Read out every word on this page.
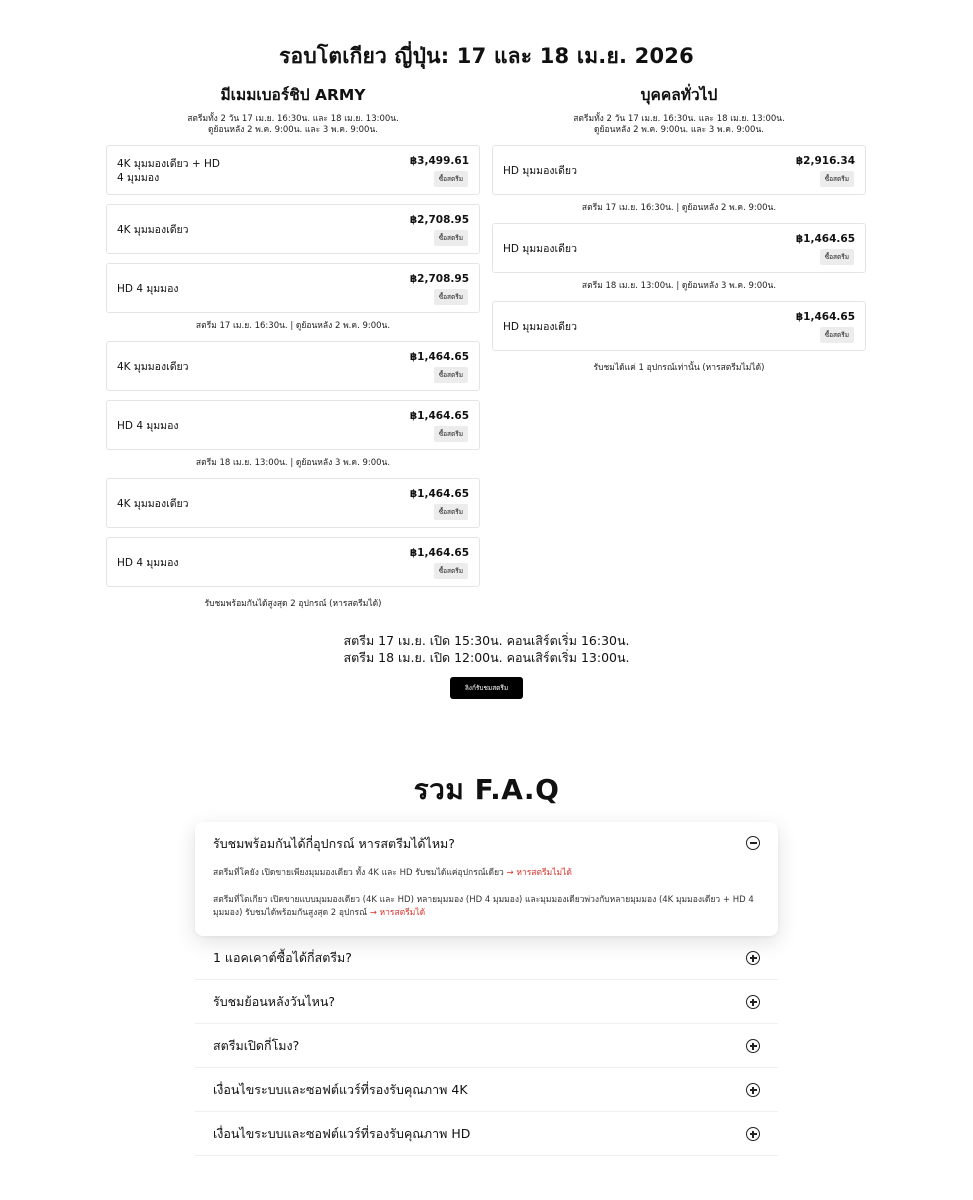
รอบโตเกียว ญี่ปุ่น: 17 และ 18 เม.ย. 2026
มีเมมเบอร์ชิป ARMY
สตรีมทั้ง 2 วัน 17 เม.ย. 16:30น. และ 18 เม.ย. 13:00น.
ดูย้อนหลัง 2 พ.ค. 9:00น. และ 3 พ.ค. 9:00น.
4K มุมมองเดียว + HD
4 มุมมอง
฿3,499.61
ซื้อสตรีม
4K มุมมองเดียว
฿2,708.95
ซื้อสตรีม
HD 4 มุมมอง
฿2,708.95
ซื้อสตรีม
สตรีม 17 เม.ย. 16:30น. | ดูย้อนหลัง 2 พ.ค. 9:00น.
4K มุมมองเดียว
฿1,464.65
ซื้อสตรีม
HD 4 มุมมอง
฿1,464.65
ซื้อสตรีม
สตรีม 18 เม.ย. 13:00น. | ดูย้อนหลัง 3 พ.ค. 9:00น.
4K มุมมองเดียว
฿1,464.65
ซื้อสตรีม
HD 4 มุมมอง
฿1,464.65
ซื้อสตรีม
รับชมพร้อมกันได้สูงสุด 2 อุปกรณ์ (หารสตรีมได้)
บุคคลทั่วไป
สตรีมทั้ง 2 วัน 17 เม.ย. 16:30น. และ 18 เม.ย. 13:00น.
ดูย้อนหลัง 2 พ.ค. 9:00น. และ 3 พ.ค. 9:00น.
HD มุมมองเดียว
฿2,916.34
ซื้อสตรีม
สตรีม 17 เม.ย. 16:30น. | ดูย้อนหลัง 2 พ.ค. 9:00น.
HD มุมมองเดียว
฿1,464.65
ซื้อสตรีม
สตรีม 18 เม.ย. 13:00น. | ดูย้อนหลัง 3 พ.ค. 9:00น.
HD มุมมองเดียว
฿1,464.65
ซื้อสตรีม
รับชมได้แค่ 1 อุปกรณ์เท่านั้น (หารสตรีมไม่ได้)
สตรีม 17 เม.ย. เปิด 15:30น. คอนเสิร์ตเริ่ม 16:30น.
สตรีม 18 เม.ย. เปิด 12:00น. คอนเสิร์ตเริ่ม 13:00น.
ลิงก์รับชมสตรีม
รวม F.A.Q
รับชมพร้อมกันได้กี่อุปกรณ์ หารสตรีมได้ไหม?
สตรีมที่โคยัง เปิดขายเพียงมุมมองเดียว ทั้ง 4K และ HD รับชมได้แค่อุปกรณ์เดียว → หารสตรีมไม่ได้
สตรีมที่โตเกียว เปิดขายแบบมุมมองเดียว (4K และ HD) หลายมุมมอง (HD 4 มุมมอง) และมุมมองเดียวพ่วงกับหลายมุมมอง (4K มุมมองเดียว + HD 4 มุมมอง) รับชมได้พร้อมกันสูงสุด 2 อุปกรณ์ → หารสตรีมได้
1 แอคเคาต์ซื้อได้กี่สตรีม?
รับชมย้อนหลังวันไหน?
สตรีมเปิดกี่โมง?
เงื่อนไขระบบและซอฟต์แวร์ที่รองรับคุณภาพ 4K
เงื่อนไขระบบและซอฟต์แวร์ที่รองรับคุณภาพ HD
